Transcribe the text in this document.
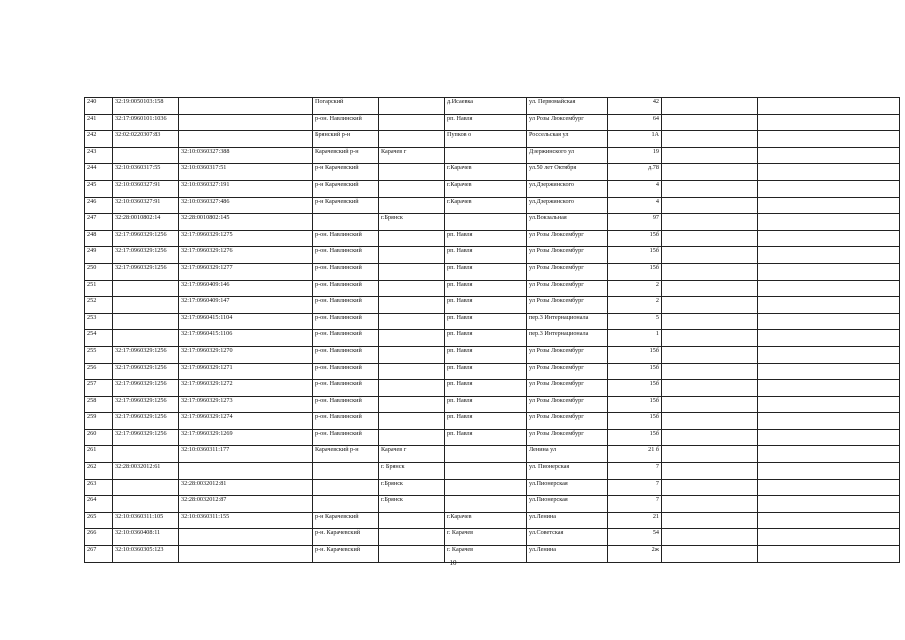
240	32:19:0050103:158		Погарский		д.Исаевка	ул. Первомайская	42		
241	32:17:0960101:1036		р-он. Навлинский		рп. Навля	ул Розы Люксембург	64		
242	32:02:0220307:83		Брянский р-н		Пупков о	Россельская ул	1А		
243		32:10:0360327:388	Карачевский р-н	Карачев г		Дзержинского ул	19		
244	32:10:0360317:55	32:10:0360317:51	р-н Карачевский		г.Карачев	ул.50 лет Октября	д.78		
245	32:10:0360327:91	32:10:0360327:191	р-н Карачевский		г.Карачев	ул.Дзержинского	4		
246	32:10:0360327:91	32:10:0360327:486	р-н Карачевский		г.Карачев	ул.Дзержинского	4		
247	32:28:0010802:14	32:28:0010802:145		г.Брянск		ул.Вокзальная	97		
248	32:17:0960329:1256	32:17:0960329:1275	р-он. Навлинский		рп. Навля	ул Розы Люксембург	15б		
249	32:17:0960329:1256	32:17:0960329:1276	р-он. Навлинский		рп. Навля	ул Розы Люксембург	15б		
250	32:17:0960329:1256	32:17:0960329:1277	р-он. Навлинский		рп. Навля	ул Розы Люксембург	15б		
251		32:17:0960409:146	р-он. Навлинский		рп. Навля	ул Розы Люксембург	2		
252		32:17:0960409:147	р-он. Навлинский		рп. Навля	ул Розы Люксембург	2		
253		32:17:0960415:1104	р-он. Навлинский		рп. Навля	пер.3 Интернационала	5		
254		32:17:0960415:1106	р-он. Навлинский		рп. Навля	пер.3 Интернационала	1		
255	32:17:0960329:1256	32:17:0960329:1270	р-он. Навлинский		рп. Навля	ул Розы Люксембург	15б		
256	32:17:0960329:1256	32:17:0960329:1271	р-он. Навлинский		рп. Навля	ул Розы Люксембург	15б		
257	32:17:0960329:1256	32:17:0960329:1272	р-он. Навлинский		рп. Навля	ул Розы Люксембург	15б		
258	32:17:0960329:1256	32:17:0960329:1273	р-он. Навлинский		рп. Навля	ул Розы Люксембург	15б		
259	32:17:0960329:1256	32:17:0960329:1274	р-он. Навлинский		рп. Навля	ул Розы Люксембург	15б		
260	32:17:0960329:1256	32:17:0960329:1269	р-он. Навлинский		рп. Навля	ул Розы Люксембург	15б		
261		32:10:0360311:177	Карачевский р-н	Карачев г		Ленина ул	21 б		
262	32:28:0032012:61			г. Брянск		ул. Пионерская	7		
263		32:28:0032012:81		г.Брянск		ул.Пионерская	7		
264		32:28:0032012:87		г.Брянск		ул.Пионерская	7		
265	32:10:0360311:105	32:10:0360311:155	р-н Карачевский		г.Карачев	ул.Ленина	21		
266	32:10:0360408:11		р-н. Карачевский		г. Карачев	ул.Советская	54		
267	32:10:0360305:123		р-н. Карачевский		г. Карачев	ул.Ленина	2ж		
10
